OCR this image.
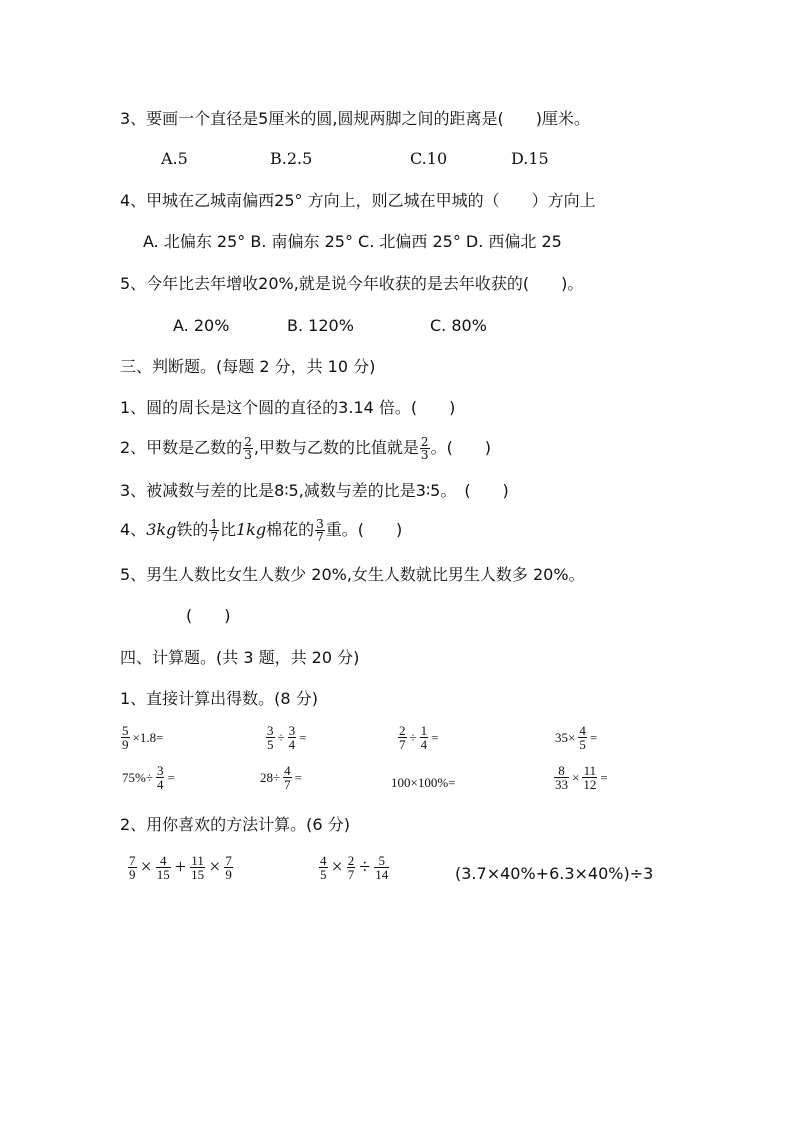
3、要画一个直径是5厘米的圆,圆规两脚之间的距离是(　　)厘米。
A.5	B.2.5	C.10	D.15
4、甲城在乙城南偏西25° 方向上，则乙城在甲城的（　　）方向上
A. 北偏东 25° B. 南偏东 25° C. 北偏西 25° D. 西偏北 25
5、今年比去年增收20%,就是说今年收获的是去年收获的(　　)。
A. 20%	B. 120%	C. 80%
三、判断题。(每题 2 分，共 10 分)
1、圆的周长是这个圆的直径的3.14 倍。(　　)
2、甲数是乙数的 $\frac{2}{3}$ ,甲数与乙数的比值就是 $\frac{2}{3}$ 。(　　)
3、被减数与差的比是8∶5,减数与差的比是3∶5。　(　　)
4、3kg铁的 $\frac{1}{7}$ 比1kg棉花的 $\frac{3}{7}$ 重。(　　)
5、男生人数比女生人数少 20%,女生人数就比男生人数多 20%。
(　　)
四、计算题。(共 3 题，共 20 分)
1、直接计算出得数。(8 分)
$\frac{5}{9} \times 1.8=$	$\frac{3}{5} \div \frac{3}{4}$ =	$\frac{2}{7} \div \frac{1}{4}$ =	$35\times \frac{4}{5}$ =
$75\%\div \frac{3}{4}$ =	$28\div \frac{4}{7}$ =	100×100%=	$\frac{8}{33} \times \frac{11}{12}$ =
2、用你喜欢的方法计算。(6 分)
$\frac{7}{9} \times \frac{4}{15} + \frac{11}{15} \times \frac{7}{9}$	$\frac{4}{5} \times \frac{2}{7} \div \frac{5}{14}$	(3.7×40%+6.3×40%)÷3
